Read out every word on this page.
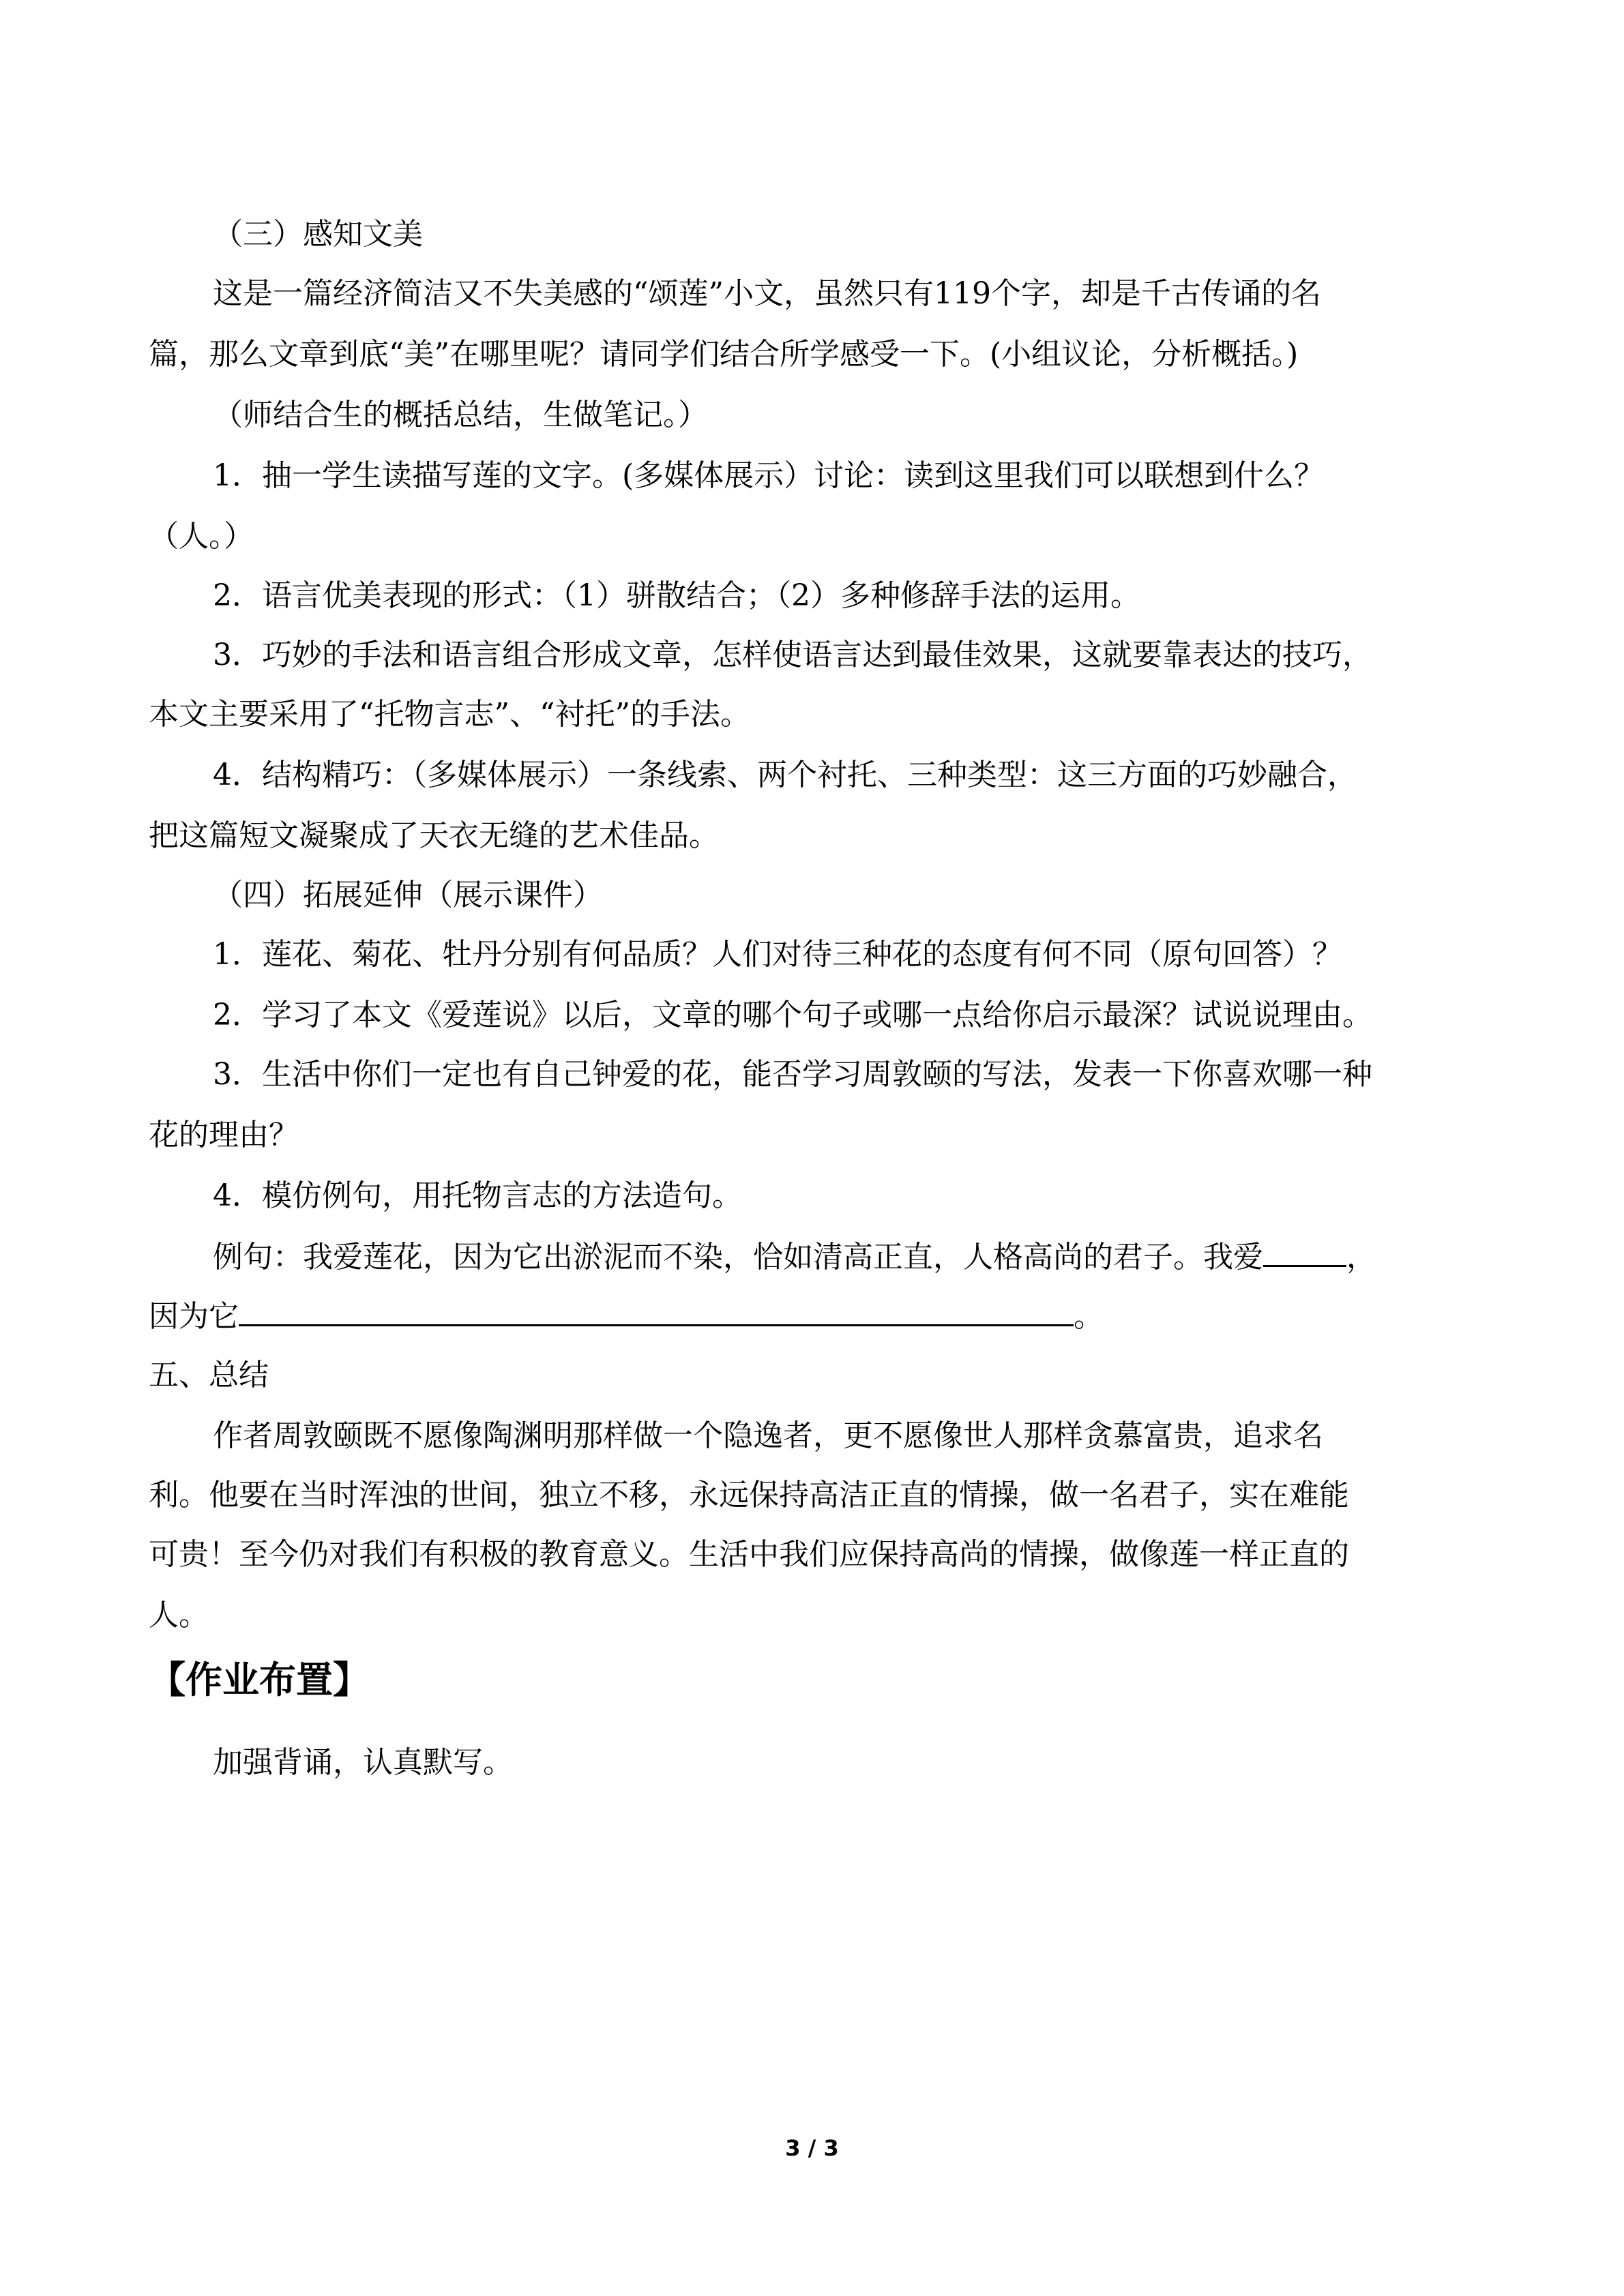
（三）感知文美
这是一篇经济简洁又不失美感的“颂莲”小文，虽然只有119个字，却是千古传诵的名
篇，那么文章到底“美”在哪里呢？请同学们结合所学感受一下。(小组议论，分析概括。)
（师结合生的概括总结，生做笔记。）
1．抽一学生读描写莲的文字。(多媒体展示）讨论：读到这里我们可以联想到什么？
（人。）
2．语言优美表现的形式：（1）骈散结合；（2）多种修辞手法的运用。
3．巧妙的手法和语言组合形成文章，怎样使语言达到最佳效果，这就要靠表达的技巧，
本文主要采用了“托物言志”、“衬托”的手法。
4．结构精巧：（多媒体展示）一条线索、两个衬托、三种类型：这三方面的巧妙融合，
把这篇短文凝聚成了天衣无缝的艺术佳品。
（四）拓展延伸（展示课件）
1．莲花、菊花、牡丹分别有何品质？人们对待三种花的态度有何不同（原句回答）？
2．学习了本文《爱莲说》以后，文章的哪个句子或哪一点给你启示最深？试说说理由。
3．生活中你们一定也有自己钟爱的花，能否学习周敦颐的写法，发表一下你喜欢哪一种
花的理由？
4．模仿例句，用托物言志的方法造句。
例句：我爱莲花，因为它出淤泥而不染，恰如清高正直，人格高尚的君子。我爱	，
因为它	。
五、总结
作者周敦颐既不愿像陶渊明那样做一个隐逸者，更不愿像世人那样贪慕富贵，追求名
利。他要在当时浑浊的世间，独立不移，永远保持高洁正直的情操，做一名君子，实在难能
可贵！至今仍对我们有积极的教育意义。生活中我们应保持高尚的情操，做像莲一样正直的
人。
【作业布置】
加强背诵，认真默写。
3 / 3
